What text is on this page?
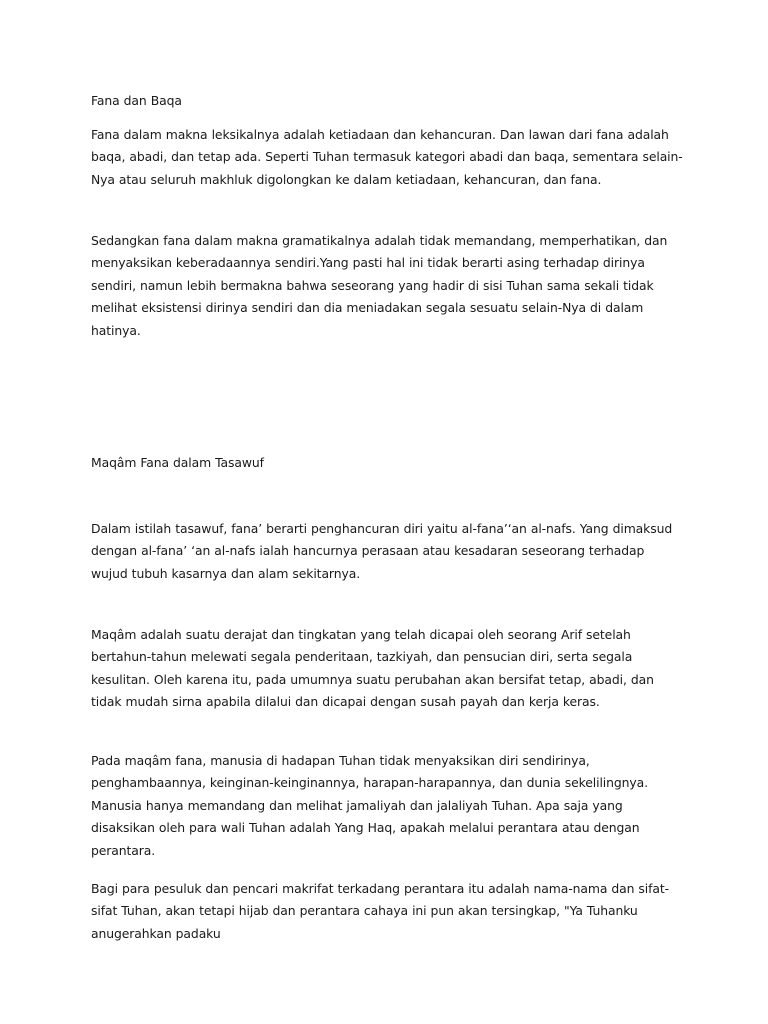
Fana dan Baqa

Fana dalam makna leksikalnya adalah ketiadaan dan kehancuran. Dan lawan dari fana adalah baqa, abadi, dan tetap ada. Seperti Tuhan termasuk kategori abadi dan baqa, sementara selain-Nya atau seluruh makhluk digolongkan ke dalam ketiadaan, kehancuran, dan fana.

Sedangkan fana dalam makna gramatikalnya adalah tidak memandang, memperhatikan, dan menyaksikan keberadaannya sendiri.Yang pasti hal ini tidak berarti asing terhadap dirinya sendiri, namun lebih bermakna bahwa seseorang yang hadir di sisi Tuhan sama sekali tidak melihat eksistensi dirinya sendiri dan dia meniadakan segala sesuatu selain-Nya di dalam hatinya.

Maqâm Fana dalam Tasawuf

Dalam istilah tasawuf, fana’ berarti penghancuran diri yaitu al-fana’‘an al-nafs. Yang dimaksud dengan al-fana’ ‘an al-nafs ialah hancurnya perasaan atau kesadaran seseorang terhadap wujud tubuh kasarnya dan alam sekitarnya.

Maqâm adalah suatu derajat dan tingkatan yang telah dicapai oleh seorang Arif setelah bertahun-tahun melewati segala penderitaan, tazkiyah, dan pensucian diri, serta segala kesulitan. Oleh karena itu, pada umumnya suatu perubahan akan bersifat tetap, abadi, dan tidak mudah sirna apabila dilalui dan dicapai dengan susah payah dan kerja keras.

Pada maqâm fana, manusia di hadapan Tuhan tidak menyaksikan diri sendirinya, penghambaannya, keinginan-keinginannya, harapan-harapannya, dan dunia sekelilingnya. Manusia hanya memandang dan melihat jamaliyah dan jalaliyah Tuhan. Apa saja yang disaksikan oleh para wali Tuhan adalah Yang Haq, apakah melalui perantara atau dengan perantara.

Bagi para pesuluk dan pencari makrifat terkadang perantara itu adalah nama-nama dan sifat-sifat Tuhan, akan tetapi hijab dan perantara cahaya ini pun akan tersingkap, "Ya Tuhanku anugerahkan padaku
